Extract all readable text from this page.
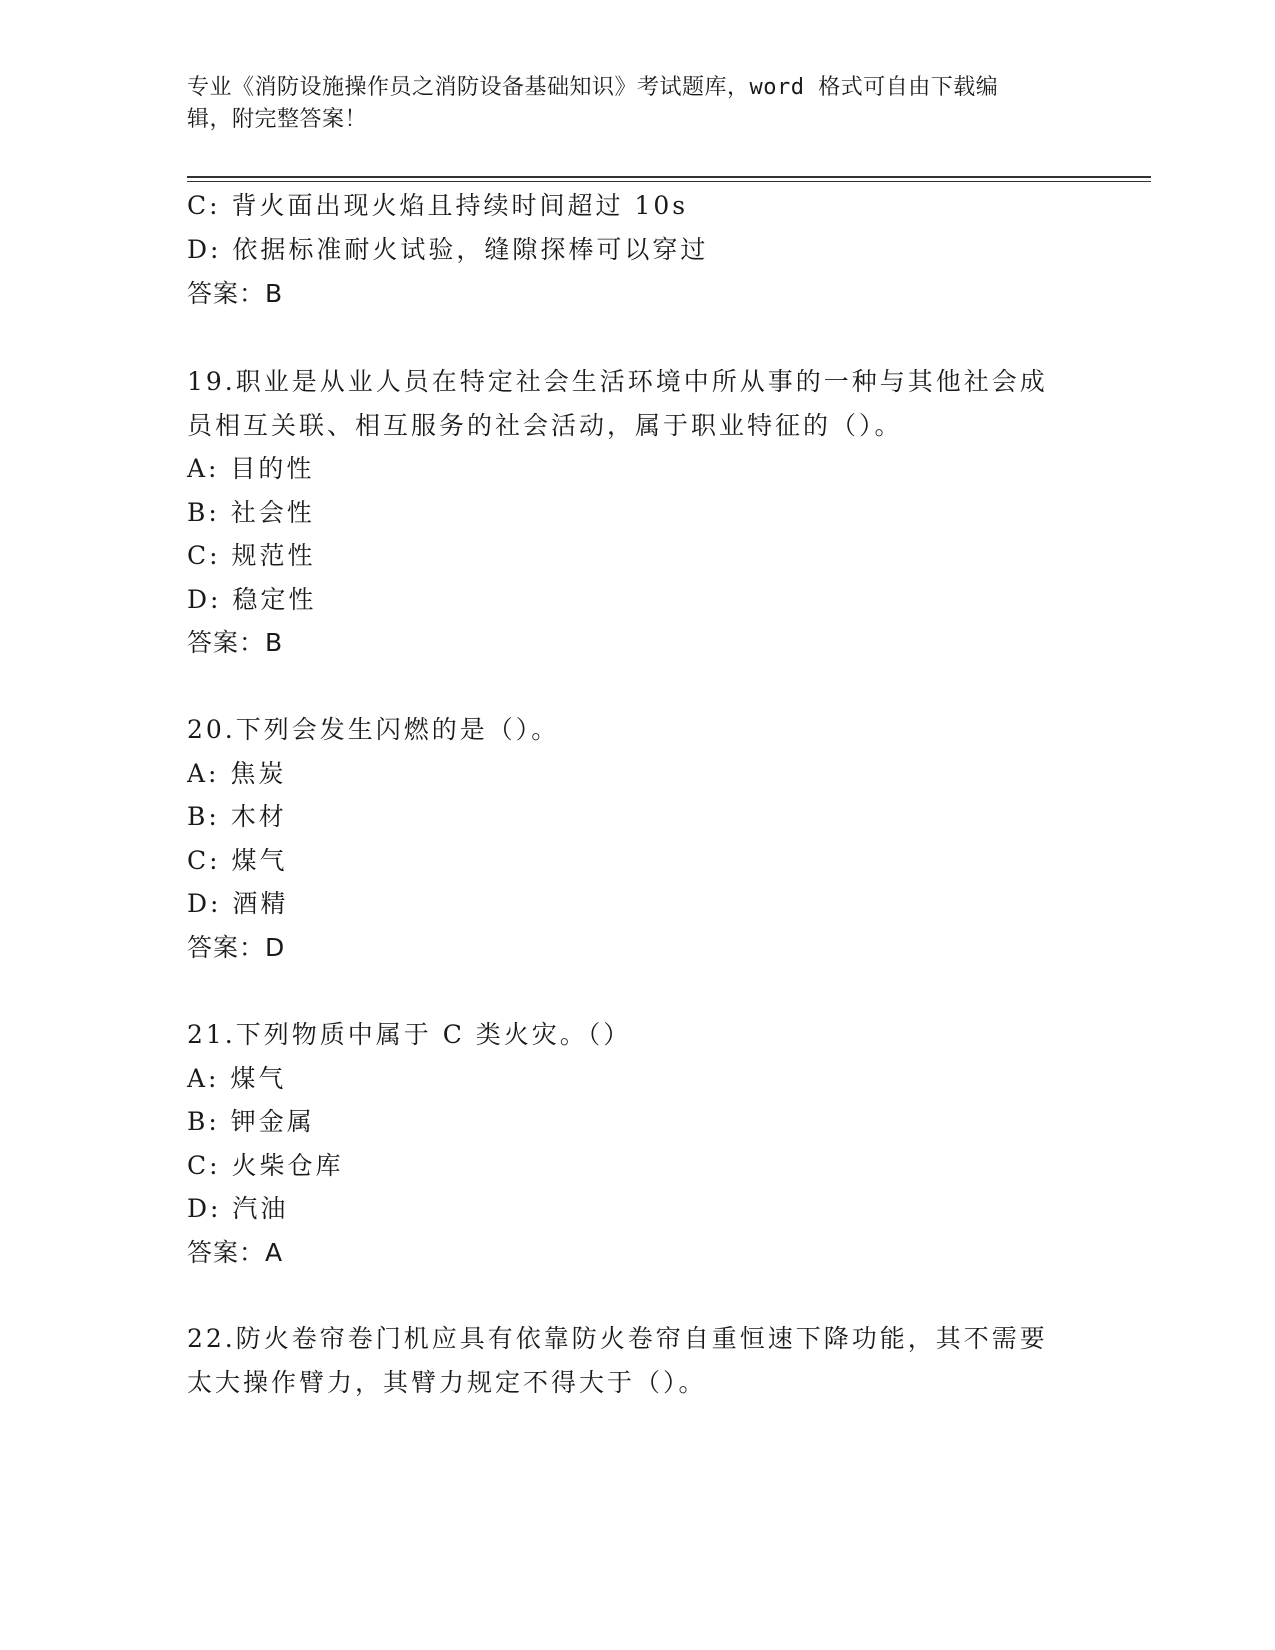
专业《消防设施操作员之消防设备基础知识》考试题库，word 格式可自由下载编
辑，附完整答案！
C: 背火面出现火焰且持续时间超过 10s
D: 依据标准耐火试验，缝隙探棒可以穿过
答案：B
19.职业是从业人员在特定社会生活环境中所从事的一种与其他社会成
员相互关联、相互服务的社会活动，属于职业特征的（）。
A: 目的性
B: 社会性
C: 规范性
D: 稳定性
答案：B
20.下列会发生闪燃的是（）。
A: 焦炭
B: 木材
C: 煤气
D: 酒精
答案：D
21.下列物质中属于 C 类火灾。（）
A: 煤气
B: 钾金属
C: 火柴仓库
D: 汽油
答案：A
22.防火卷帘卷门机应具有依靠防火卷帘自重恒速下降功能，其不需要
太大操作臂力，其臂力规定不得大于（）。
